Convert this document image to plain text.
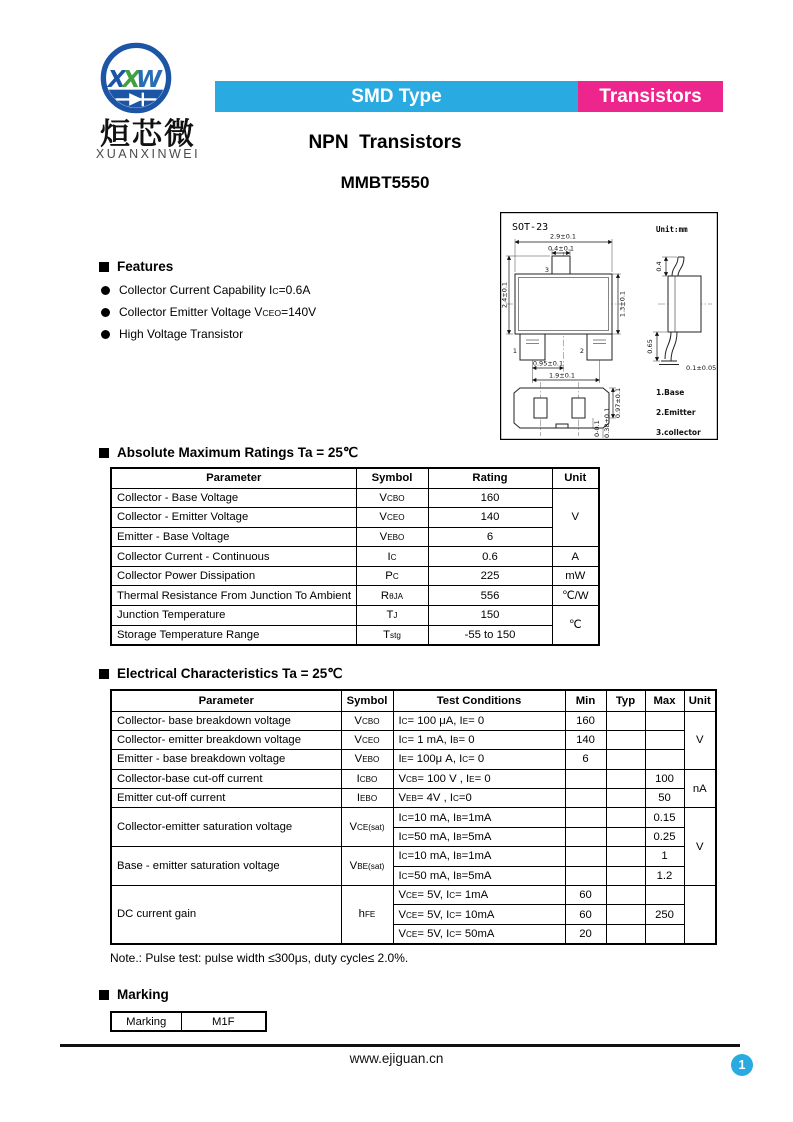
X
X
W
烜芯微
XUANXINWEI
SMD Type	Transistors
NPN  Transistors
MMBT5550
Features
Collector Current Capability IC=0.6A
Collector Emitter Voltage VCEO=140V
High Voltage Transistor
SOT-23	Unit:mm
2.9±0.1
0.4±0.1
3
2.4±0.1	1.3±0.1
1	2
0.95±0.1
1.9±0.1
0.4
0.65
0.1±0.05
0.97±0.1
0-0.1 0.38±0.1
1.Base
2.Emitter
3.collector
Absolute Maximum Ratings Ta = 25℃
Parameter	Symbol	Rating	Unit
Collector - Base Voltage	VCBO	160	V
Collector - Emitter Voltage	VCEO	140	
Emitter - Base Voltage	VEBO	6	
Collector Current - Continuous	IC	0.6	A
Collector Power Dissipation	PC	225	mW
Thermal Resistance From Junction To Ambient	RθJA	556	℃/W
Junction Temperature	TJ	150	℃
Storage Temperature Range	Tstg	-55 to 150	
Electrical Characteristics Ta = 25℃
Parameter	Symbol	Test Conditions	Min	Typ	Max	Unit
Collector- base breakdown voltage	VCBO	IC= 100 μA, IE= 0	160			V
Collector- emitter breakdown voltage	VCEO	IC= 1 mA, IB= 0	140			
Emitter - base breakdown voltage	VEBO	IE= 100μ A, IC= 0	6			
Collector-base cut-off current	ICBO	VCB= 100 V , IE= 0			100	nA
Emitter cut-off current	IEBO	VEB= 4V , IC=0			50	
Collector-emitter saturation voltage	VCE(sat)	IC=10 mA, IB=1mA			0.15	V
		IC=50 mA, IB=5mA			0.25	
Base - emitter saturation voltage	VBE(sat)	IC=10 mA, IB=1mA			1	
		IC=50 mA, IB=5mA			1.2	
DC current gain	hFE	VCE= 5V, IC= 1mA	60			
		VCE= 5V, IC= 10mA	60		250	
		VCE= 5V, IC= 50mA	20			
Note.: Pulse test: pulse width ≤300μs, duty cycle≤ 2.0%.
Marking
Marking	M1F
www.ejiguan.cn	1
